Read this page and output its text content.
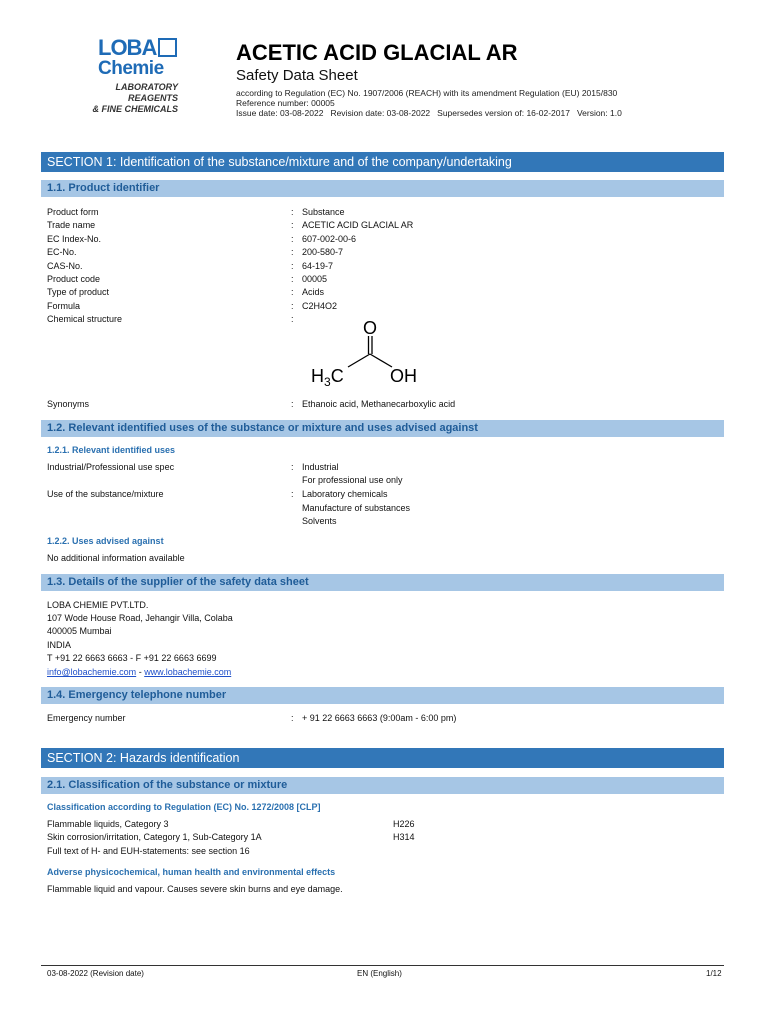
LOBA
Chemie
LABORATORY REAGENTS
& FINE CHEMICALS
ACETIC ACID GLACIAL AR
Safety Data Sheet
according to Regulation (EC) No. 1907/2006 (REACH) with its amendment Regulation (EU) 2015/830
Reference number: 00005
Issue date: 03-08-2022 Revision date: 03-08-2022 Supersedes version of: 16-02-2017 Version: 1.0
SECTION 1: Identification of the substance/mixture and of the company/undertaking
1.1. Product identifier
Product form	: Substance
Trade name	: ACETIC ACID GLACIAL AR
EC Index-No.	: 607-002-00-6
EC-No.	: 200-580-7
CAS-No.	: 64-19-7
Product code	: 00005
Type of product	: Acids
Formula	: C2H4O2
Chemical structure	:	O
$H_3C$	OH
Synonyms	: Ethanoic acid, Methanecarboxylic acid
1.2. Relevant identified uses of the substance or mixture and uses advised against
1.2.1. Relevant identified uses
Industrial/Professional use spec	: Industrial
For professional use only
Use of the substance/mixture	: Laboratory chemicals
Manufacture of substances
Solvents
1.2.2. Uses advised against
No additional information available
1.3. Details of the supplier of the safety data sheet
LOBA CHEMIE PVT.LTD.
107 Wode House Road, Jehangir Villa, Colaba
400005 Mumbai
INDIA
T +91 22 6663 6663 - F +91 22 6663 6699
info@lobachemie.com - www.lobachemie.com
1.4. Emergency telephone number
Emergency number	: + 91 22 6663 6663 (9:00am - 6:00 pm)
SECTION 2: Hazards identification
2.1. Classification of the substance or mixture
Classification according to Regulation (EC) No. 1272/2008 [CLP]
Flammable liquids, Category 3	H226
Skin corrosion/irritation, Category 1, Sub-Category 1A	H314
Full text of H- and EUH-statements: see section 16
Adverse physicochemical, human health and environmental effects
Flammable liquid and vapour. Causes severe skin burns and eye damage.
03-08-2022 (Revision date)	EN (English)	1/12
